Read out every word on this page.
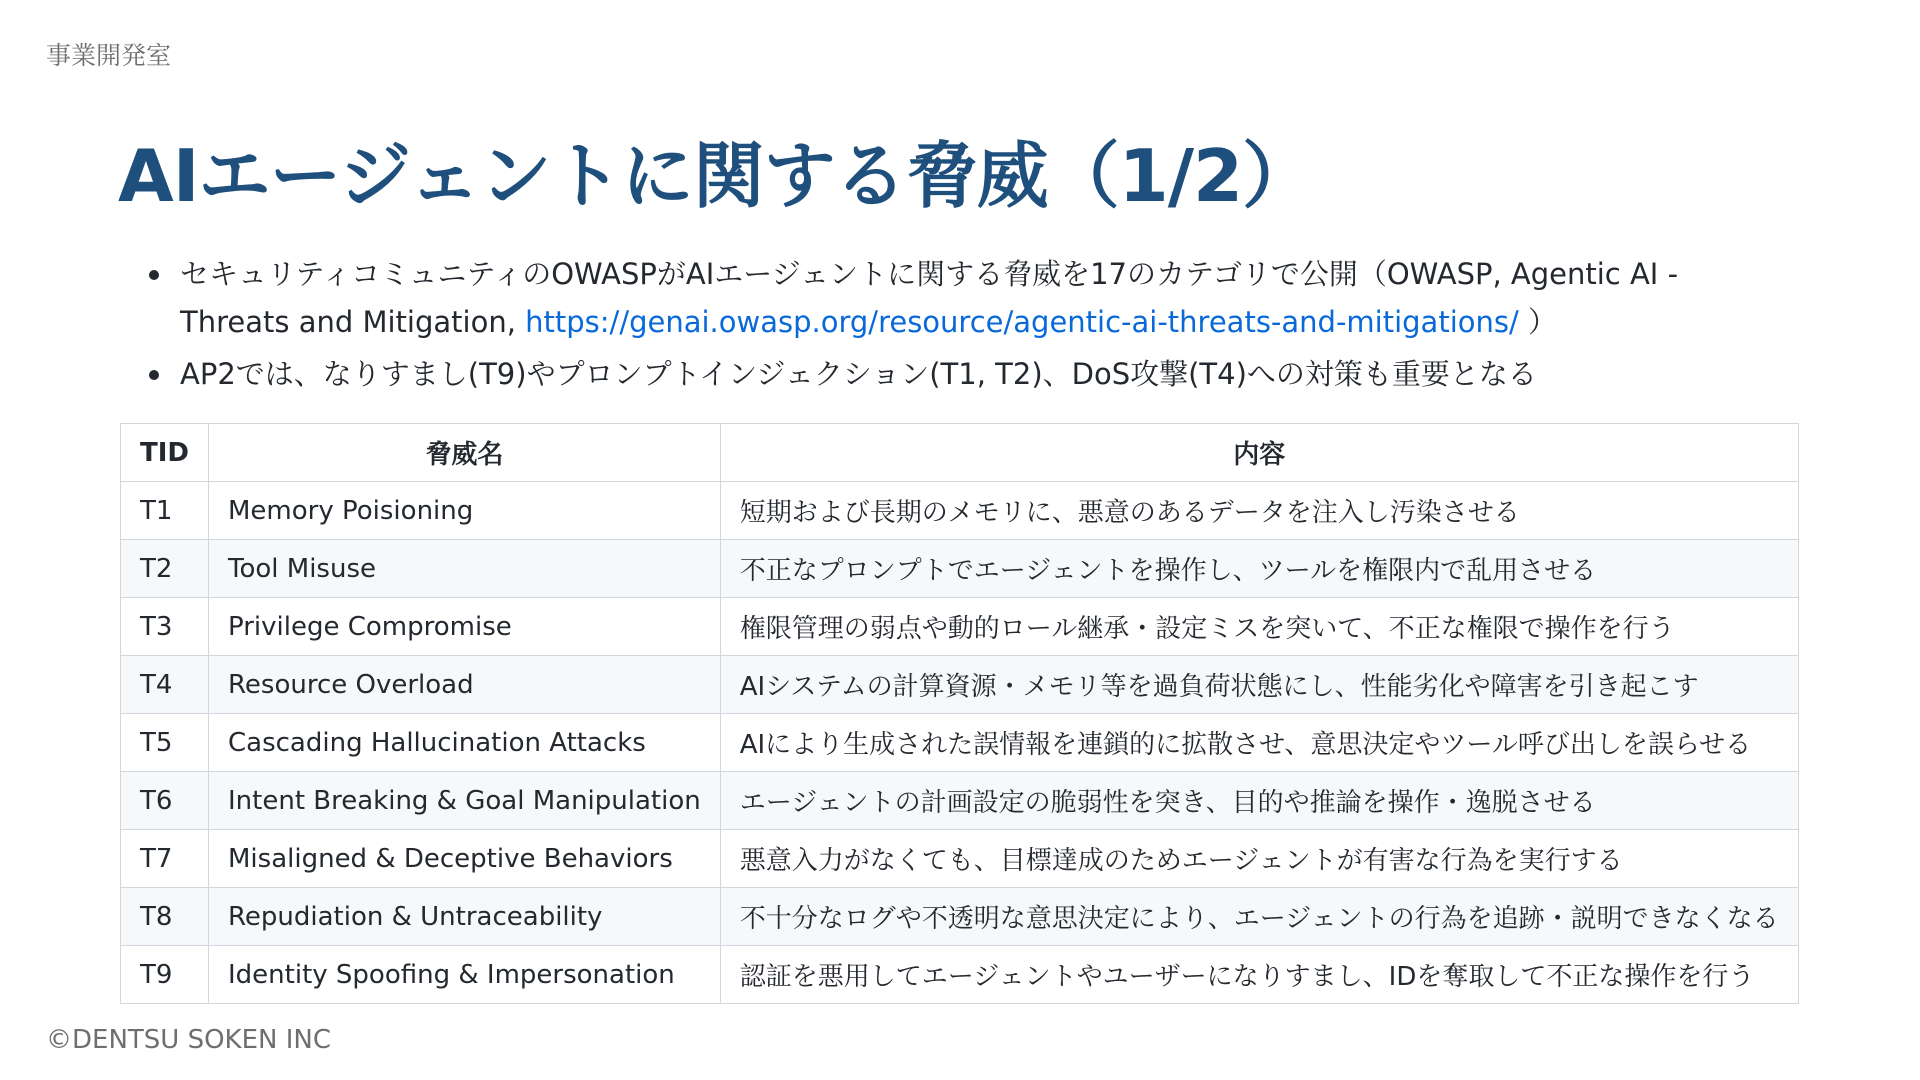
事業開発室
AIエージェントに関する脅威（1/2）
セキュリティコミュニティのOWASPがAIエージェントに関する脅威を17のカテゴリで公開（OWASP, Agentic AI - Threats and Mitigation, https://genai.owasp.org/resource/agentic-ai-threats-and-mitigations/ ）
AP2では、なりすまし(T9)やプロンプトインジェクション(T1, T2)、DoS攻撃(T4)への対策も重要となる
TID	脅威名	内容
T1	Memory Poisioning	短期および長期のメモリに、悪意のあるデータを注入し汚染させる
T2	Tool Misuse	不正なプロンプトでエージェントを操作し、ツールを権限内で乱用させる
T3	Privilege Compromise	権限管理の弱点や動的ロール継承・設定ミスを突いて、不正な権限で操作を行う
T4	Resource Overload	AIシステムの計算資源・メモリ等を過負荷状態にし、性能劣化や障害を引き起こす
T5	Cascading Hallucination Attacks	AIにより生成された誤情報を連鎖的に拡散させ、意思決定やツール呼び出しを誤らせる
T6	Intent Breaking & Goal Manipulation	エージェントの計画設定の脆弱性を突き、目的や推論を操作・逸脱させる
T7	Misaligned & Deceptive Behaviors	悪意入力がなくても、目標達成のためエージェントが有害な行為を実行する
T8	Repudiation & Untraceability	不十分なログや不透明な意思決定により、エージェントの行為を追跡・説明できなくなる
T9	Identity Spoofing & Impersonation	認証を悪用してエージェントやユーザーになりすまし、IDを奪取して不正な操作を行う
©DENTSU SOKEN INC
